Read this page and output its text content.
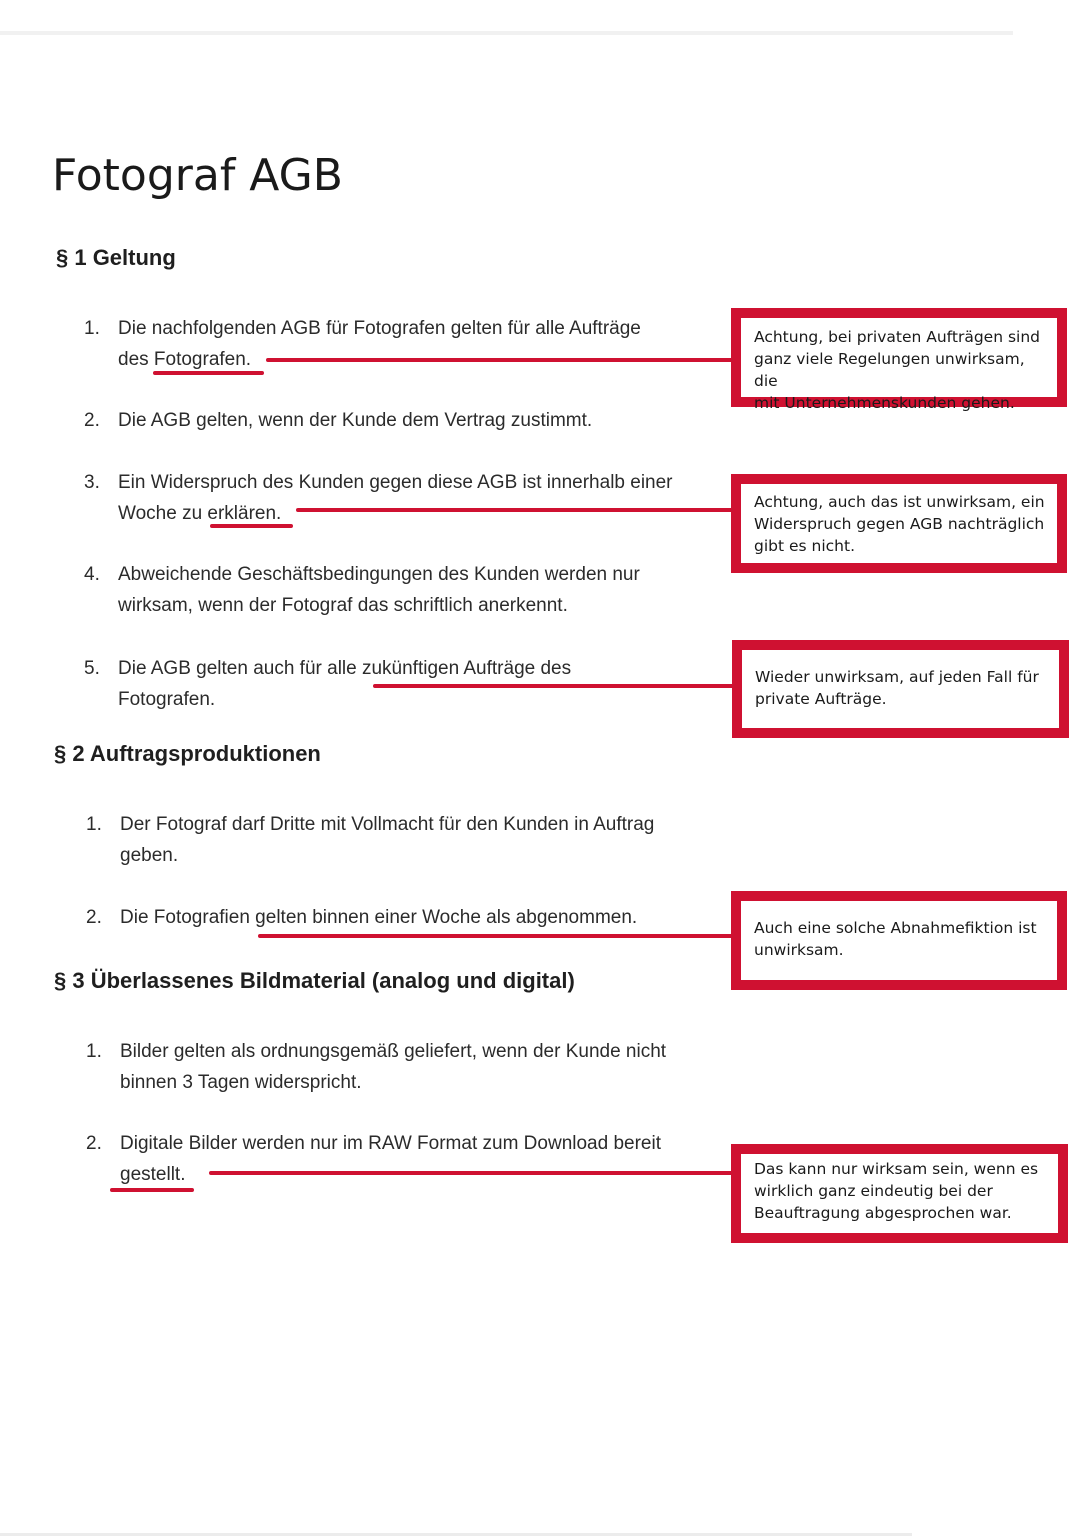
Fotograf AGB
§ 1 Geltung
1. Die nachfolgenden AGB für Fotografen gelten für alle Aufträge
des Fotografen.
2. Die AGB gelten, wenn der Kunde dem Vertrag zustimmt.
3. Ein Widerspruch des Kunden gegen diese AGB ist innerhalb einer
Woche zu erklären.
4. Abweichende Geschäftsbedingungen des Kunden werden nur
wirksam, wenn der Fotograf das schriftlich anerkennt.
5. Die AGB gelten auch für alle zukünftigen Aufträge des
Fotografen.
§ 2 Auftragsproduktionen
1. Der Fotograf darf Dritte mit Vollmacht für den Kunden in Auftrag
geben.
2. Die Fotografien gelten binnen einer Woche als abgenommen.
§ 3 Überlassenes Bildmaterial (analog und digital)
1. Bilder gelten als ordnungsgemäß geliefert, wenn der Kunde nicht
binnen 3 Tagen widerspricht.
2. Digitale Bilder werden nur im RAW Format zum Download bereit
gestellt.
Achtung, bei privaten Aufträgen sind
ganz viele Regelungen unwirksam, die
mit Unternehmenskunden gehen.
Achtung, auch das ist unwirksam, ein
Widerspruch gegen AGB nachträglich
gibt es nicht.
Wieder unwirksam, auf jeden Fall für
private Aufträge.
Auch eine solche Abnahmefiktion ist
unwirksam.
Das kann nur wirksam sein, wenn es
wirklich ganz eindeutig bei der
Beauftragung abgesprochen war.
